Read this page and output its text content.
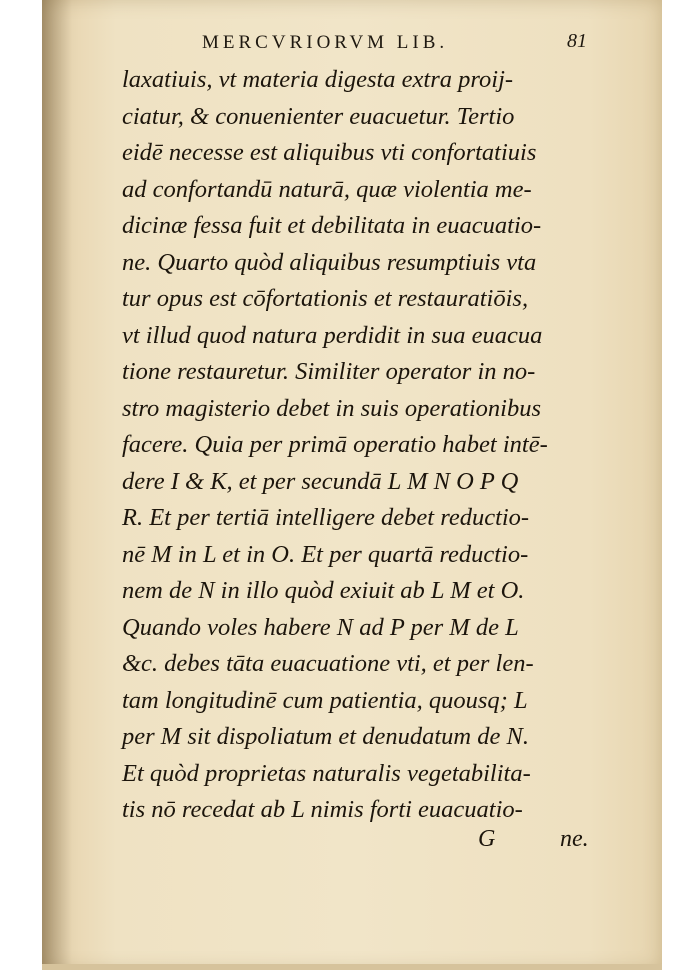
MERCVRIORVM LIB.	81
laxatiuis, vt materia digesta extra proij-
ciatur, & conuenienter euacuetur. Tertio
eidē necesse est aliquibus vti confortatiuis
ad confortandū naturā, quæ violentia me-
dicinæ fessa fuit et debilitata in euacuatio-
ne. Quarto quòd aliquibus resumptiuis vta
tur opus est cōfortationis et restauratiōis,
vt illud quod natura perdidit in sua euacua
tione restauretur. Similiter operator in no-
stro magisterio debet in suis operationibus
facere. Quia per primā operatio habet intē-
dere I & K, et per secundā L M N O P Q
R. Et per tertiā intelligere debet reductio-
nē M in L et in O. Et per quartā reductio-
nem de N in illo quòd exiuit ab L M et O.
Quando voles habere N ad P per M de L
&c. debes tāta euacuatione vti, et per len-
tam longitudinē cum patientia, quousq; L
per M sit dispoliatum et denudatum de N.
Et quòd proprietas naturalis vegetabilita-
tis nō recedat ab L nimis forti euacuatio-
G	ne.
